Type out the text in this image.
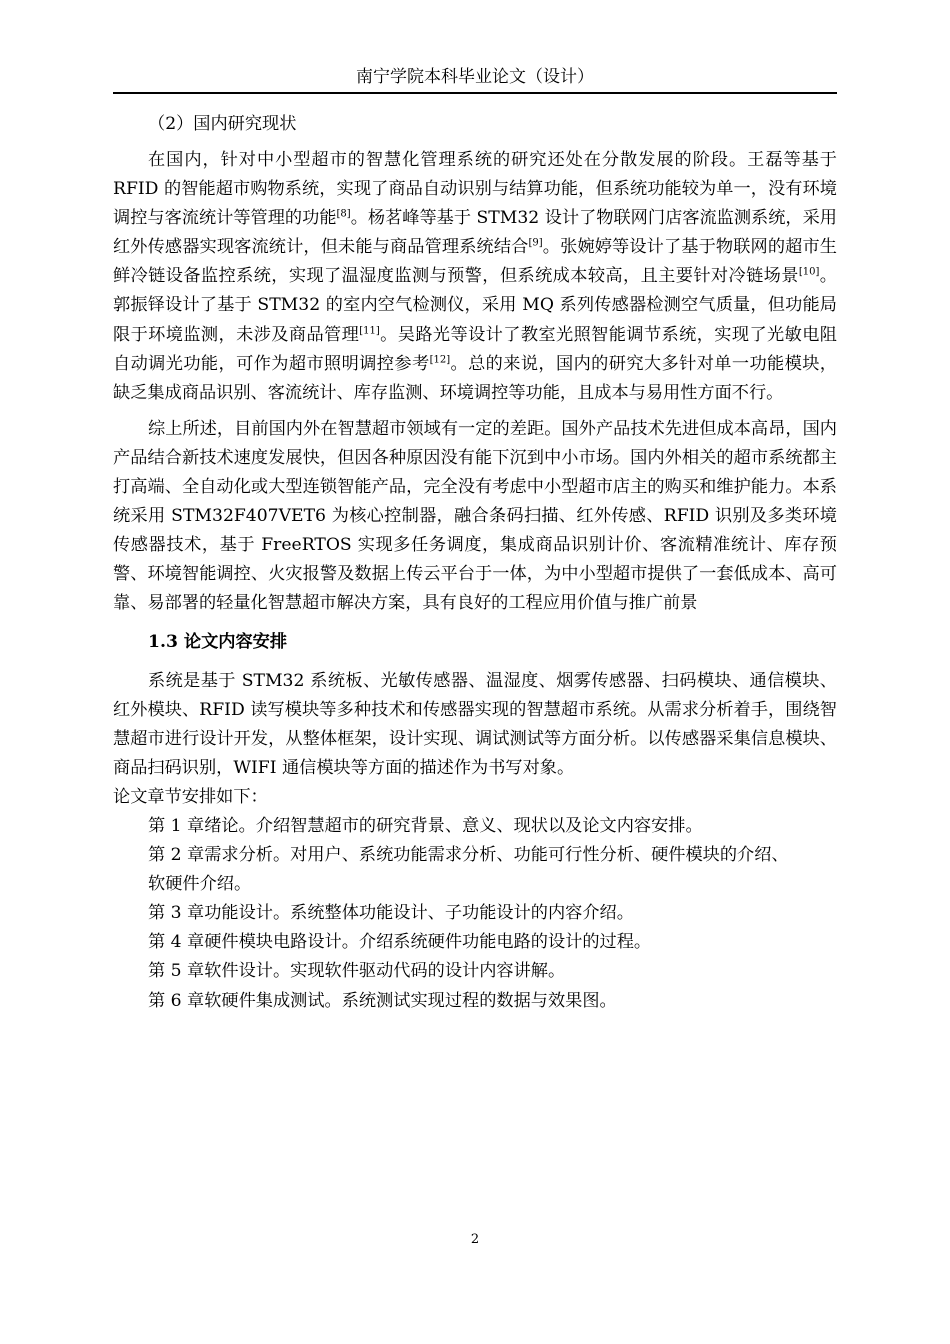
南宁学院本科毕业论文（设计）

（2）国内研究现状

在国内，针对中小型超市的智慧化管理系统的研究还处在分散发展的阶段。王磊等基于 RFID 的智能超市购物系统，实现了商品自动识别与结算功能，但系统功能较为单一，没有环境调控与客流统计等管理的功能[8]。杨茗峰等基于 STM32 设计了物联网门店客流监测系统，采用红外传感器实现客流统计，但未能与商品管理系统结合[9]。张婉婷等设计了基于物联网的超市生鲜冷链设备监控系统，实现了温湿度监测与预警，但系统成本较高，且主要针对冷链场景[10]。郭振铎设计了基于 STM32 的室内空气检测仪，采用 MQ 系列传感器检测空气质量，但功能局限于环境监测，未涉及商品管理[11]。吴路光等设计了教室光照智能调节系统，实现了光敏电阻自动调光功能，可作为超市照明调控参考[12]。总的来说，国内的研究大多针对单一功能模块，缺乏集成商品识别、客流统计、库存监测、环境调控等功能，且成本与易用性方面不行。

综上所述，目前国内外在智慧超市领域有一定的差距。国外产品技术先进但成本高昂，国内产品结合新技术速度发展快，但因各种原因没有能下沉到中小市场。国内外相关的超市系统都主打高端、全自动化或大型连锁智能产品，完全没有考虑中小型超市店主的购买和维护能力。本系统采用 STM32F407VET6 为核心控制器，融合条码扫描、红外传感、RFID 识别及多类环境传感器技术，基于 FreeRTOS 实现多任务调度，集成商品识别计价、客流精准统计、库存预警、环境智能调控、火灾报警及数据上传云平台于一体，为中小型超市提供了一套低成本、高可靠、易部署的轻量化智慧超市解决方案，具有良好的工程应用价值与推广前景

1.3 论文内容安排

系统是基于 STM32 系统板、光敏传感器、温湿度、烟雾传感器、扫码模块、通信模块、红外模块、RFID 读写模块等多种技术和传感器实现的智慧超市系统。从需求分析着手，围绕智慧超市进行设计开发，从整体框架，设计实现、调试测试等方面分析。以传感器采集信息模块、商品扫码识别，WIFI 通信模块等方面的描述作为书写对象。

论文章节安排如下：

第 1 章绪论。介绍智慧超市的研究背景、意义、现状以及论文内容安排。

第 2 章需求分析。对用户、系统功能需求分析、功能可行性分析、硬件模块的介绍、

软硬件介绍。

第 3 章功能设计。系统整体功能设计、子功能设计的内容介绍。

第 4 章硬件模块电路设计。介绍系统硬件功能电路的设计的过程。

第 5 章软件设计。实现软件驱动代码的设计内容讲解。

第 6 章软硬件集成测试。系统测试实现过程的数据与效果图。

2
